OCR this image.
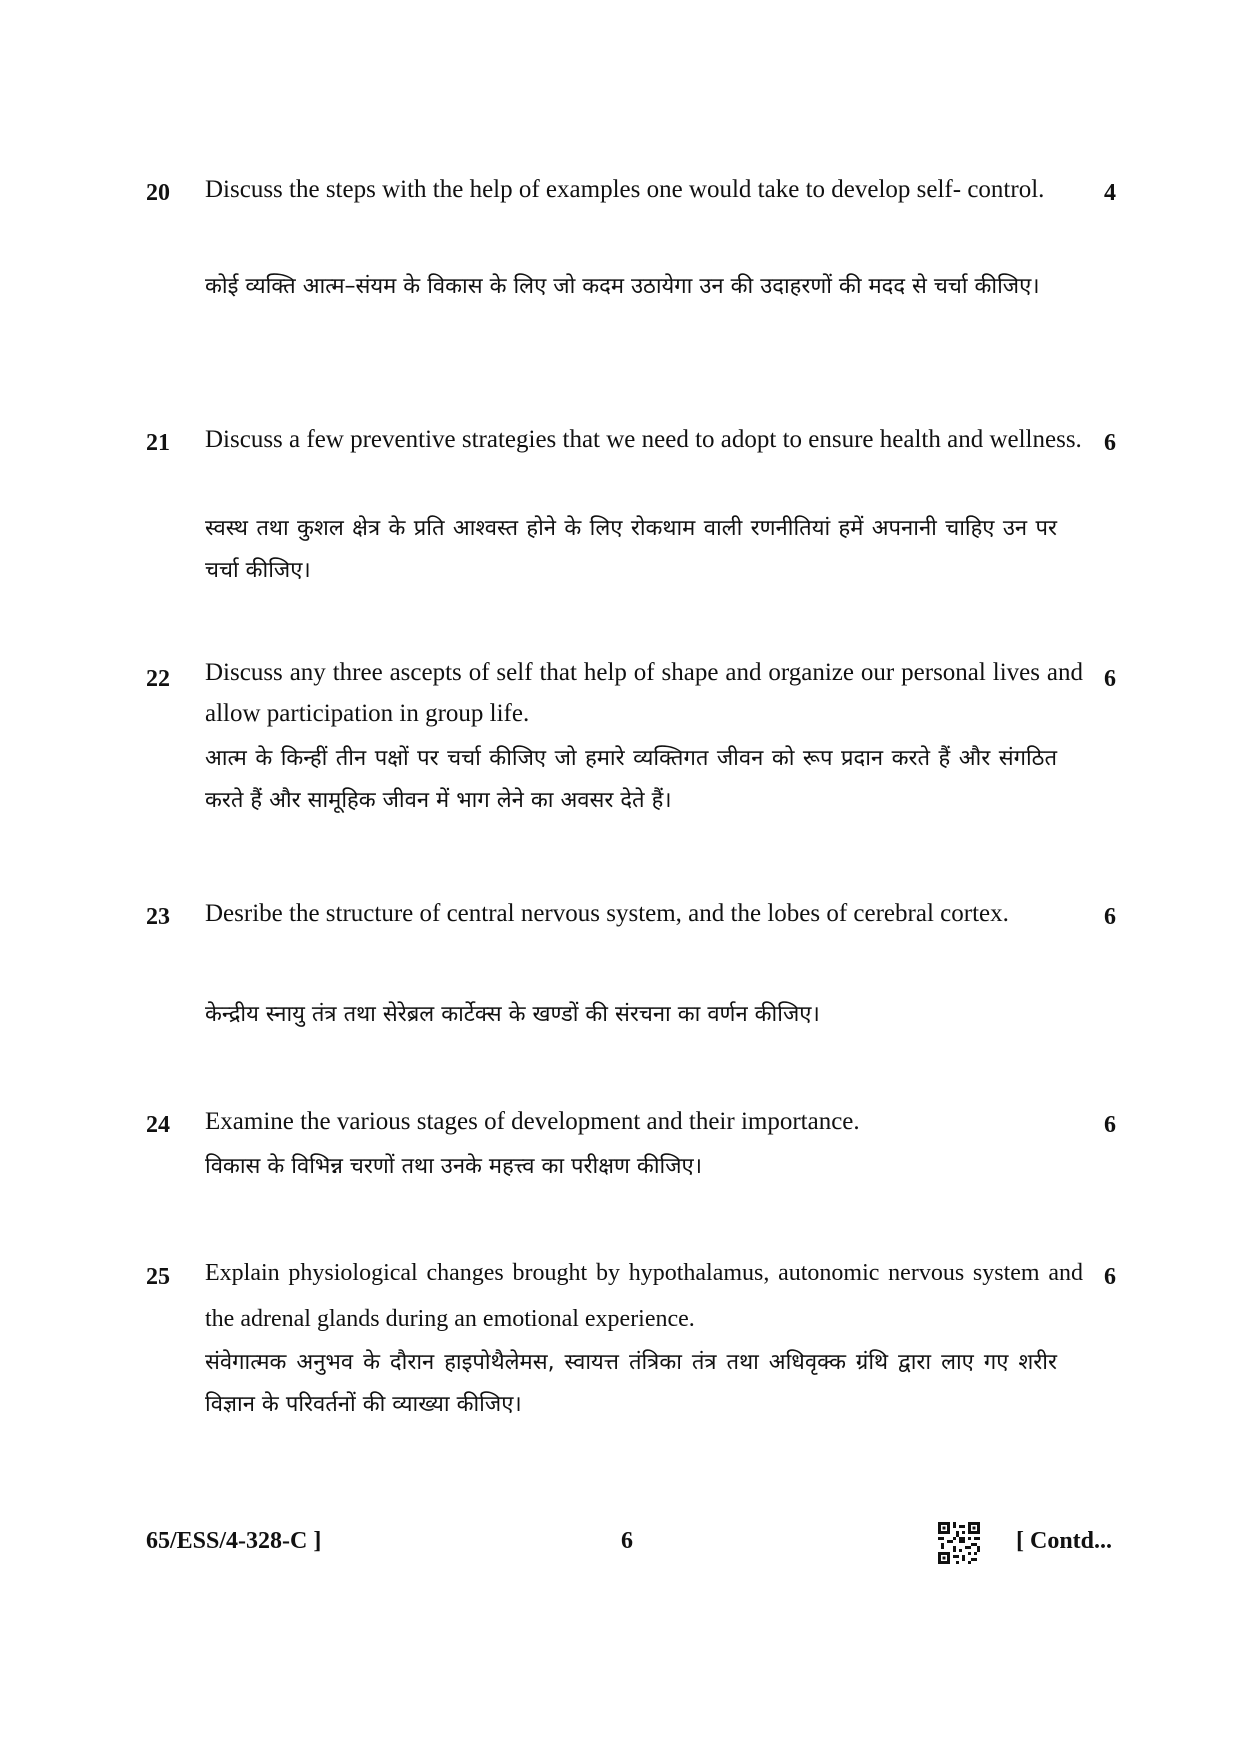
20	4
Discuss the steps with the help of examples one would take to develop self- control.
कोई व्यक्ति आत्म–संयम के विकास के लिए जो कदम उठायेगा उन की उदाहरणों की मदद से चर्चा कीजिए।
21	6
Discuss a few preventive strategies that we need to adopt to ensure health and wellness.
स्वस्थ तथा कुशल क्षेत्र के प्रति आश्वस्त होने के लिए रोकथाम वाली रणनीतियां हमें अपनानी चाहिए उन पर चर्चा कीजिए।
22	6
Discuss any three ascepts of self that help of shape and organize our personal lives and allow participation in group life.
आत्म के किन्हीं तीन पक्षों पर चर्चा कीजिए जो हमारे व्यक्तिगत जीवन को रूप प्रदान करते हैं और संगठित करते हैं और सामूहिक जीवन में भाग लेने का अवसर देते हैं।
23	6
Desribe the structure of central nervous system, and the lobes of cerebral cortex.
केन्द्रीय स्नायु तंत्र तथा सेरेब्रल कार्टेक्स के खण्डों की संरचना का वर्णन कीजिए।
24	6
Examine the various stages of development and their importance.
विकास के विभिन्न चरणों तथा उनके महत्त्व का परीक्षण कीजिए।
25	6
Explain physiological changes brought by hypothalamus, autonomic nervous system and the adrenal glands during an emotional experience.
संवेगात्मक अनुभव के दौरान हाइपोथैलेमस, स्वायत्त तंत्रिका तंत्र तथा अधिवृक्क ग्रंथि द्वारा लाए गए शरीर विज्ञान के परिवर्तनों की व्याख्या कीजिए।
65/ESS/4-328-C ]	6	[ Contd...
